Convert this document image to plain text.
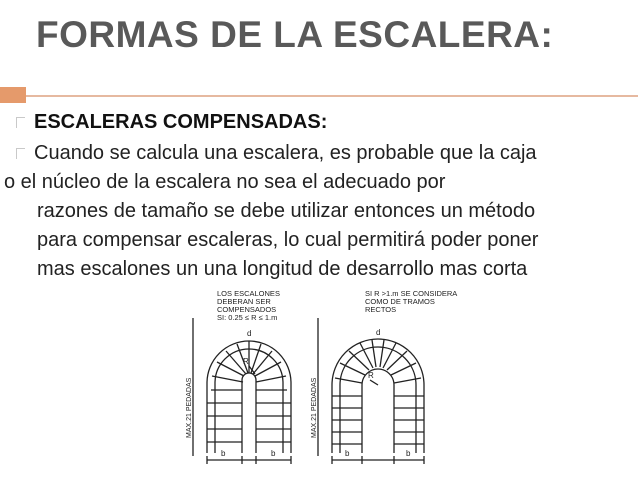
FORMAS DE LA ESCALERA:
ESCALERAS COMPENSADAS:
Cuando se calcula una escalera, es probable que la caja
o el núcleo de la escalera no sea el adecuado por
razones de tamaño se debe utilizar entonces un método
para compensar escaleras, lo cual permitirá poder poner
mas escalones un una longitud de desarrollo mas corta
d
R
b	b
MAX.21 PEDADAS
LOS ESCALONES
DEBERAN SER
COMPENSADOS
SI: 0.25 ≤ R ≤ 1.m
d
R
b	b
MAX.21 PEDADAS
SI R >1.m SE CONSIDERA
COMO DE TRAMOS
RECTOS
